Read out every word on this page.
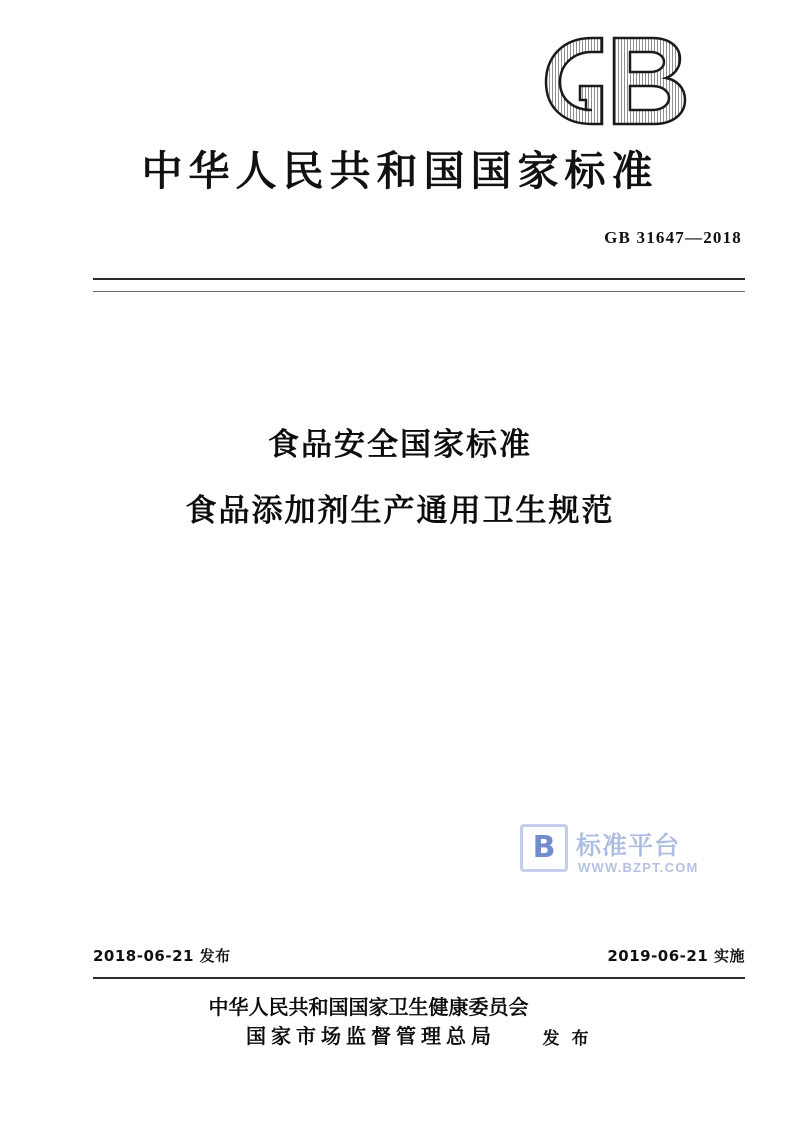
中华人民共和国国家标准
GB 31647—2018
食品安全国家标准
食品添加剂生产通用卫生规范
B 标准平台
WWW.BZPT.COM
2018-06-21 发布	2019-06-21 实施
中华人民共和国国家卫生健康委员会
国家市场监督管理总局	发 布
